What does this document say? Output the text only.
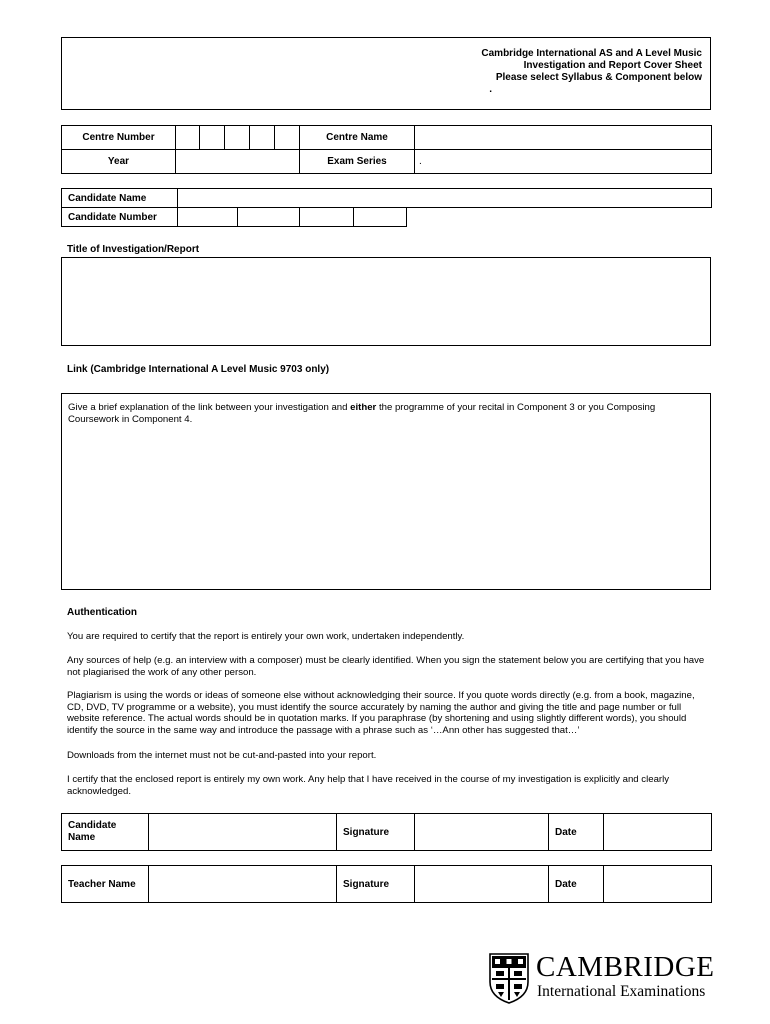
Cambridge International AS and A Level Music
Investigation and Report Cover Sheet
Please select Syllabus & Component below
.
Centre Number						Centre Name	
Year						Exam Series	.
Candidate Name					
Candidate Number					
Title of Investigation/Report
Link (Cambridge International A Level Music 9703 only)
Give a brief explanation of the link between your investigation and either the programme of your recital in Component 3 or you Composing Coursework in Component 4.
Authentication

You are required to certify that the report is entirely your own work, undertaken independently.

Any sources of help (e.g. an interview with a composer) must be clearly identified. When you sign the statement below you are certifying that you have not plagiarised the work of any other person.

Plagiarism is using the words or ideas of someone else without acknowledging their source. If you quote words directly (e.g. from a book, magazine, CD, DVD, TV programme or a website), you must identify the source accurately by naming the author and giving the title and page number or full website reference. The actual words should be in quotation marks. If you paraphrase (by shortening and using slightly different words), you should identify the source in the same way and introduce the passage with a phrase such as ‘…Ann other has suggested that…’

Downloads from the internet must not be cut-and-pasted into your report.

I certify that the enclosed report is entirely my own work. Any help that I have received in the course of my investigation is explicitly and clearly acknowledged.

Candidate Name		Signature		Date	
Teacher Name		Signature		Date	
CAMBRIDGE
International Examinations
